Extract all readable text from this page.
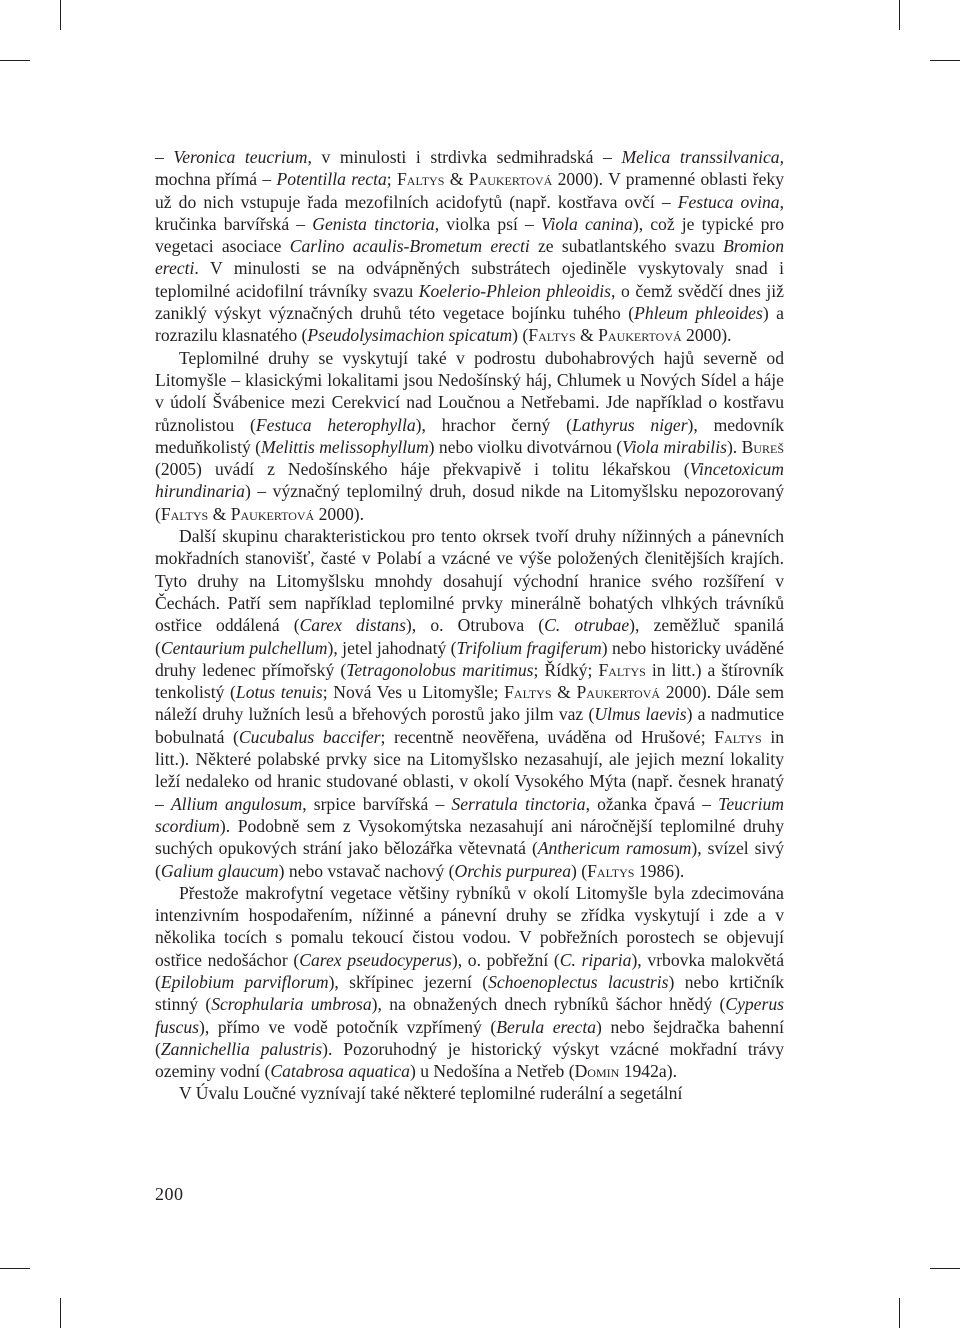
– Veronica teucrium, v minulosti i strdivka sedmihradská – Melica transsilvanica, mochna přímá – Potentilla recta; Faltys & Paukertová 2000). V pramenné oblasti řeky už do nich vstupuje řada mezofilních acidofytů (např. kostřava ovčí – Festuca ovina, kručinka barvířská – Genista tinctoria, violka psí – Viola canina), což je typické pro vegetaci asociace Carlino acaulis-Brometum erecti ze subatlantského svazu Bromion erecti. V minulosti se na odvápněných substrátech ojediněle vyskytovaly snad i teplomilné acidofilní trávníky svazu Koelerio-Phleion phleoidis, o čemž svědčí dnes již zaniklý výskyt význačných druhů této vegetace bojínku tuhého (Phleum phleoides) a rozrazilu klasnatého (Pseudolysimachion spicatum) (Faltys & Paukertová 2000).

Teplomilné druhy se vyskytují také v podrostu dubohabrových hajů severně od Litomyšle – klasickými lokalitami jsou Nedošínský háj, Chlumek u Nových Sídel a háje v údolí Švábenice mezi Cerekvicí nad Loučnou a Netřebami. Jde například o kostřavu různolistou (Festuca heterophylla), hrachor černý (Lathyrus niger), medovník meduňkolistý (Melittis melissophyllum) nebo violku divotvárnou (Viola mirabilis). Bureš (2005) uvádí z Nedošínského háje překvapivě i tolitu lékařskou (Vincetoxicum hirundinaria) – význačný teplomilný druh, dosud nikde na Litomyšlsku nepozorovaný (Faltys & Paukertová 2000).

Další skupinu charakteristickou pro tento okrsek tvoří druhy nížinných a pánevních mokřadních stanovišť, časté v Polabí a vzácné ve výše položených členitějších krajích. Tyto druhy na Litomyšlsku mnohdy dosahují východní hranice svého rozšíření v Čechách. Patří sem například teplomilné prvky minerálně bohatých vlhkých trávníků ostřice oddálená (Carex distans), o. Otrubova (C. otrubae), zeměžluč spanilá (Centaurium pulchellum), jetel jahodnatý (Trifolium fragiferum) nebo historicky uváděné druhy ledenec přímořský (Tetragonolobus maritimus; Řídký; Faltys in litt.) a štírovník tenkolistý (Lotus tenuis; Nová Ves u Litomyšle; Faltys & Paukertová 2000). Dále sem náleží druhy lužních lesů a břehových porostů jako jilm vaz (Ulmus laevis) a nadmutice bobulnatá (Cucubalus baccifer; recentně neověřena, uváděna od Hrušové; Faltys in litt.). Některé polabské prvky sice na Litomyšlsko nezasahují, ale jejich mezní lokality leží nedaleko od hranic studované oblasti, v okolí Vysokého Mýta (např. česnek hranatý – Allium angulosum, srpice barvířská – Serratula tinctoria, ožanka čpavá – Teucrium scordium). Podobně sem z Vysokomýtska nezasahují ani náročnější teplomilné druhy suchých opukových strání jako bělozářka větevnatá (Anthericum ramosum), svízel sivý (Galium glaucum) nebo vstavač nachový (Orchis purpurea) (Faltys 1986).

Přestože makrofytní vegetace většiny rybníků v okolí Litomyšle byla zdecimována intenzivním hospodařením, nížinné a pánevní druhy se zřídka vyskytují i zde a v několika tocích s pomalu tekoucí čistou vodou. V pobřežních porostech se objevují ostřice nedošáchor (Carex pseudocyperus), o. pobřežní (C. riparia), vrbovka malokvětá (Epilobium parviflorum), skřípinec jezerní (Schoenoplectus lacustris) nebo krtičník stinný (Scrophularia umbrosa), na obnažených dnech rybníků šáchor hnědý (Cyperus fuscus), přímo ve vodě potočník vzpřímený (Berula erecta) nebo šejdračka bahenní (Zannichellia palustris). Pozoruhodný je historický výskyt vzácné mokřadní trávy ozeminy vodní (Catabrosa aquatica) u Nedošína a Netřeb (Domin 1942a).

V Úvalu Loučné vyznívají také některé teplomilné ruderální a segetální

200
